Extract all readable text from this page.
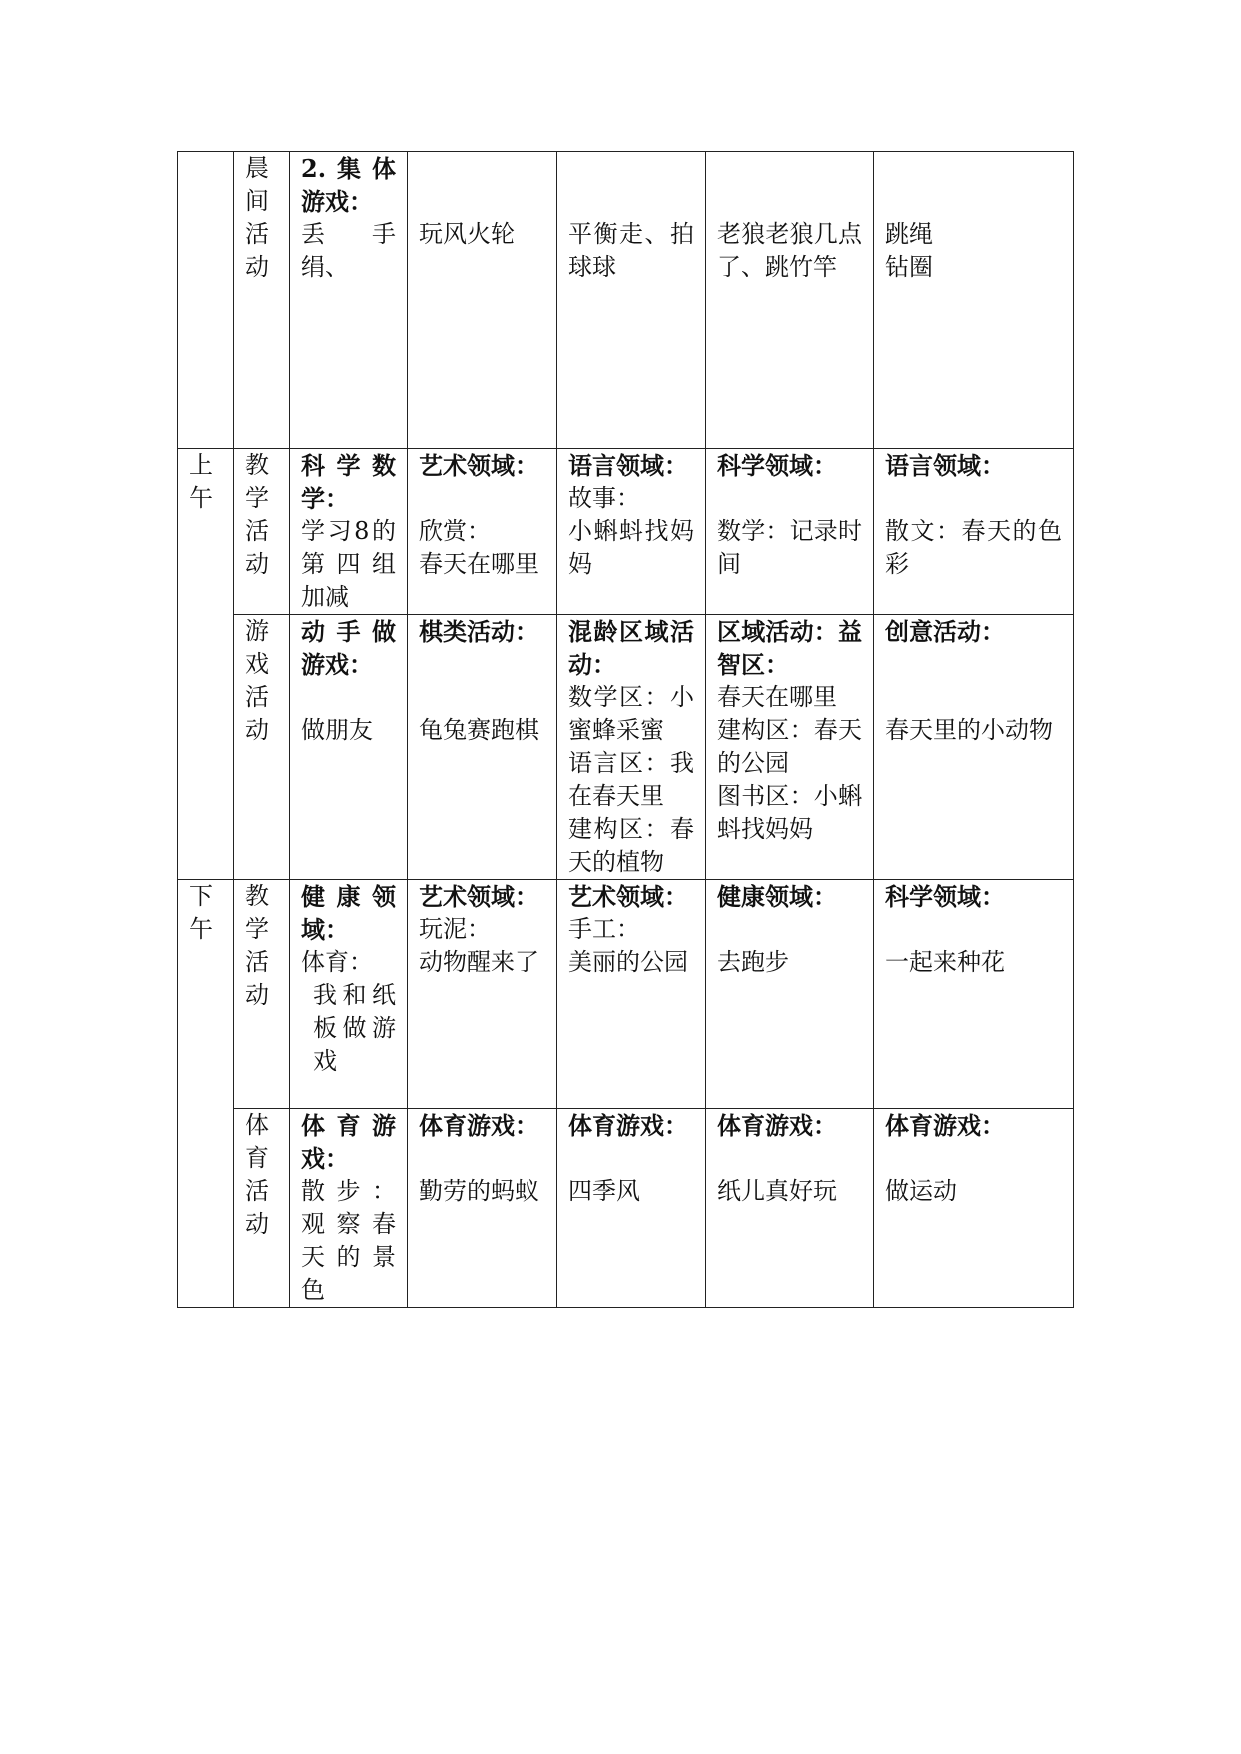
	晨
间
活
动	2.集体游戏：
丢手绢、	玩风火轮	平衡走、拍球球	老狼老狼几点了、跳竹竿	跳绳
钻圈

上
午	教
学
活
动	科学数学：
学习8的第四组加减	艺术领域：
欣赏：
春天在哪里	语言领域：
故事：
小蝌蚪找妈妈	科学领域：
数学：记录时间	语言领域：
散文：春天的色彩

	游
戏
活
动	动手做游戏：
做朋友	棋类活动：
龟兔赛跑棋	混龄区域活动：
数学区：小蜜蜂采蜜
语言区：我在春天里
建构区：春天的植物	区域活动：益智区：
春天在哪里
建构区：春天的公园
图书区：小蝌蚪找妈妈	创意活动：
春天里的小动物

下
午	教
学
活
动	健康领域：
体育：
我和纸板做游戏	艺术领域：
玩泥：
动物醒来了	艺术领域：
手工：
美丽的公园	健康领域：
去跑步	科学领域：
一起来种花

	体
育
活
动	体育游戏：
散步：观察春天的景色	体育游戏：
勤劳的蚂蚁	体育游戏：
四季风	体育游戏：
纸儿真好玩	体育游戏：
做运动
